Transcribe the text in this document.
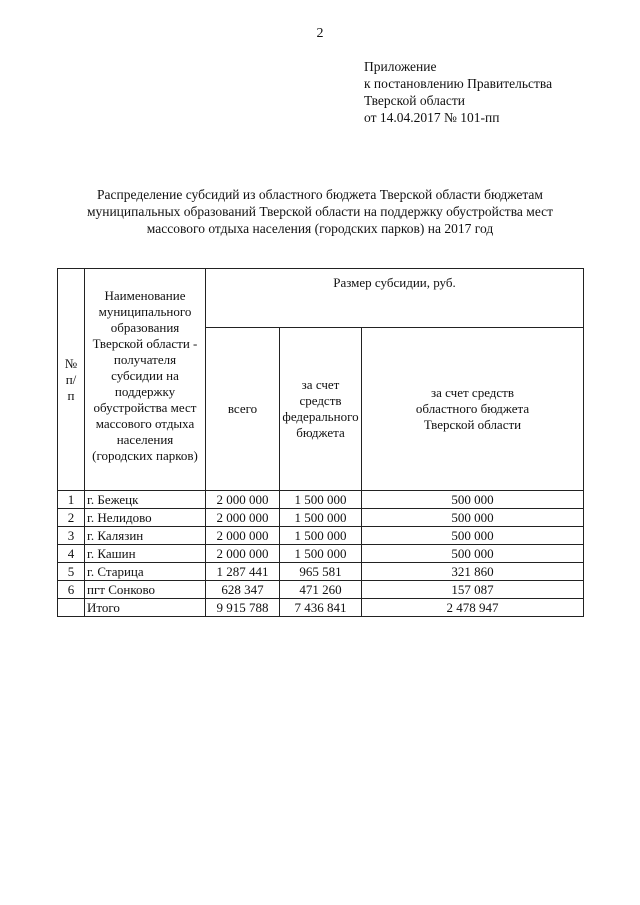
2
Приложение
к постановлению Правительства
Тверской области
от 14.04.2017 № 101-пп
Распределение субсидий из областного бюджета Тверской области бюджетам
муниципальных образований Тверской области на поддержку обустройства мест
массового отдыха населения (городских парков) на 2017 год
№ п/п	Наименование муниципального образования Тверской области - получателя субсидии на поддержку обустройства мест массового отдыха населения (городских парков)	Размер субсидии, руб.		
		всего	за счет средств федерального бюджета	за счет средств областного бюджета Тверской области
1	г. Бежецк	2 000 000	1 500 000	500 000
2	г. Нелидово	2 000 000	1 500 000	500 000
3	г. Калязин	2 000 000	1 500 000	500 000
4	г. Кашин	2 000 000	1 500 000	500 000
5	г. Старица	1 287 441	965 581	321 860
6	пгт Сонково	628 347	471 260	157 087
	Итого	9 915 788	7 436 841	2 478 947
